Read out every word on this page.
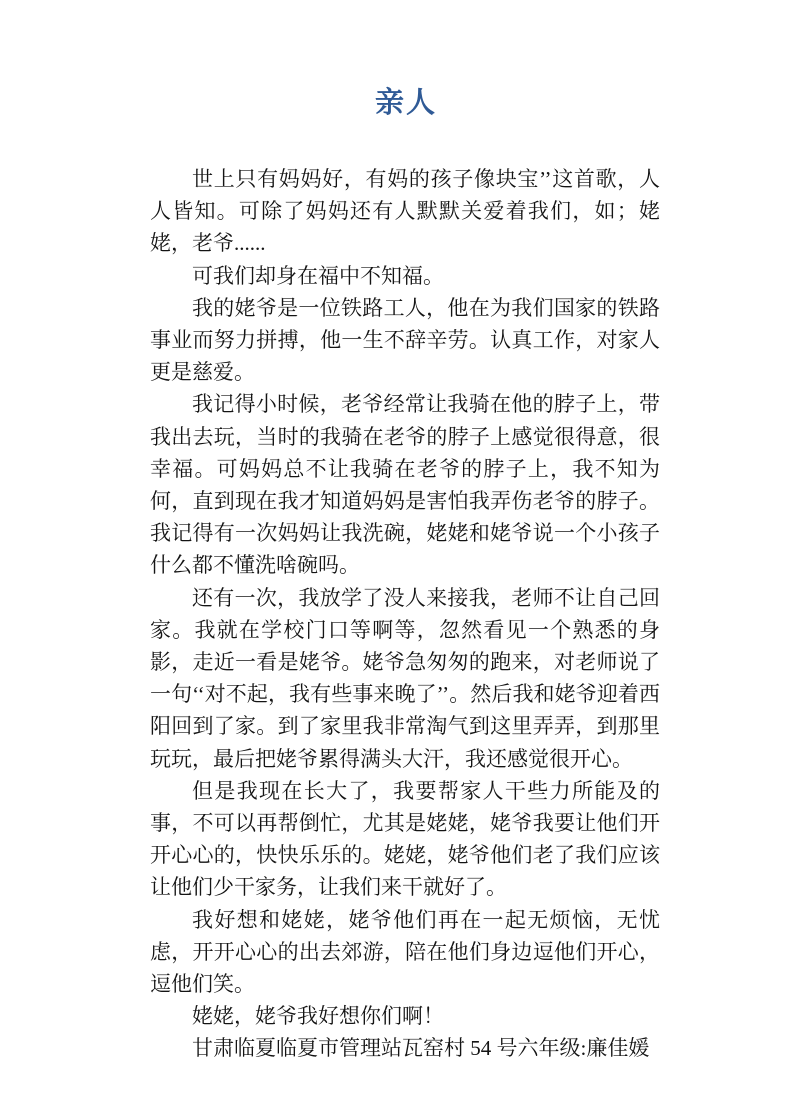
亲人

世上只有妈妈好，有妈的孩子像块宝’’这首歌，人人皆知。可除了妈妈还有人默默关爱着我们，如；姥姥，老爷......

可我们却身在福中不知福。

我的姥爷是一位铁路工人，他在为我们国家的铁路事业而努力拼搏，他一生不辞辛劳。认真工作，对家人更是慈爱。

我记得小时候，老爷经常让我骑在他的脖子上，带我出去玩，当时的我骑在老爷的脖子上感觉很得意，很幸福。可妈妈总不让我骑在老爷的脖子上，我不知为何，直到现在我才知道妈妈是害怕我弄伤老爷的脖子。我记得有一次妈妈让我洗碗，姥姥和姥爷说一个小孩子什么都不懂洗啥碗吗。

还有一次，我放学了没人来接我，老师不让自己回家。我就在学校门口等啊等，忽然看见一个熟悉的身影，走近一看是姥爷。姥爷急匆匆的跑来，对老师说了一句‘‘对不起，我有些事来晚了’’。然后我和姥爷迎着西阳回到了家。到了家里我非常淘气到这里弄弄，到那里玩玩，最后把姥爷累得满头大汗，我还感觉很开心。

但是我现在长大了，我要帮家人干些力所能及的事，不可以再帮倒忙，尤其是姥姥，姥爷我要让他们开开心心的，快快乐乐的。姥姥，姥爷他们老了我们应该让他们少干家务，让我们来干就好了。

我好想和姥姥，姥爷他们再在一起无烦恼，无忧虑，开开心心的出去郊游，陪在他们身边逗他们开心，逗他们笑。

姥姥，姥爷我好想你们啊！

甘肃临夏临夏市管理站瓦窑村 54 号六年级:廉佳媛
